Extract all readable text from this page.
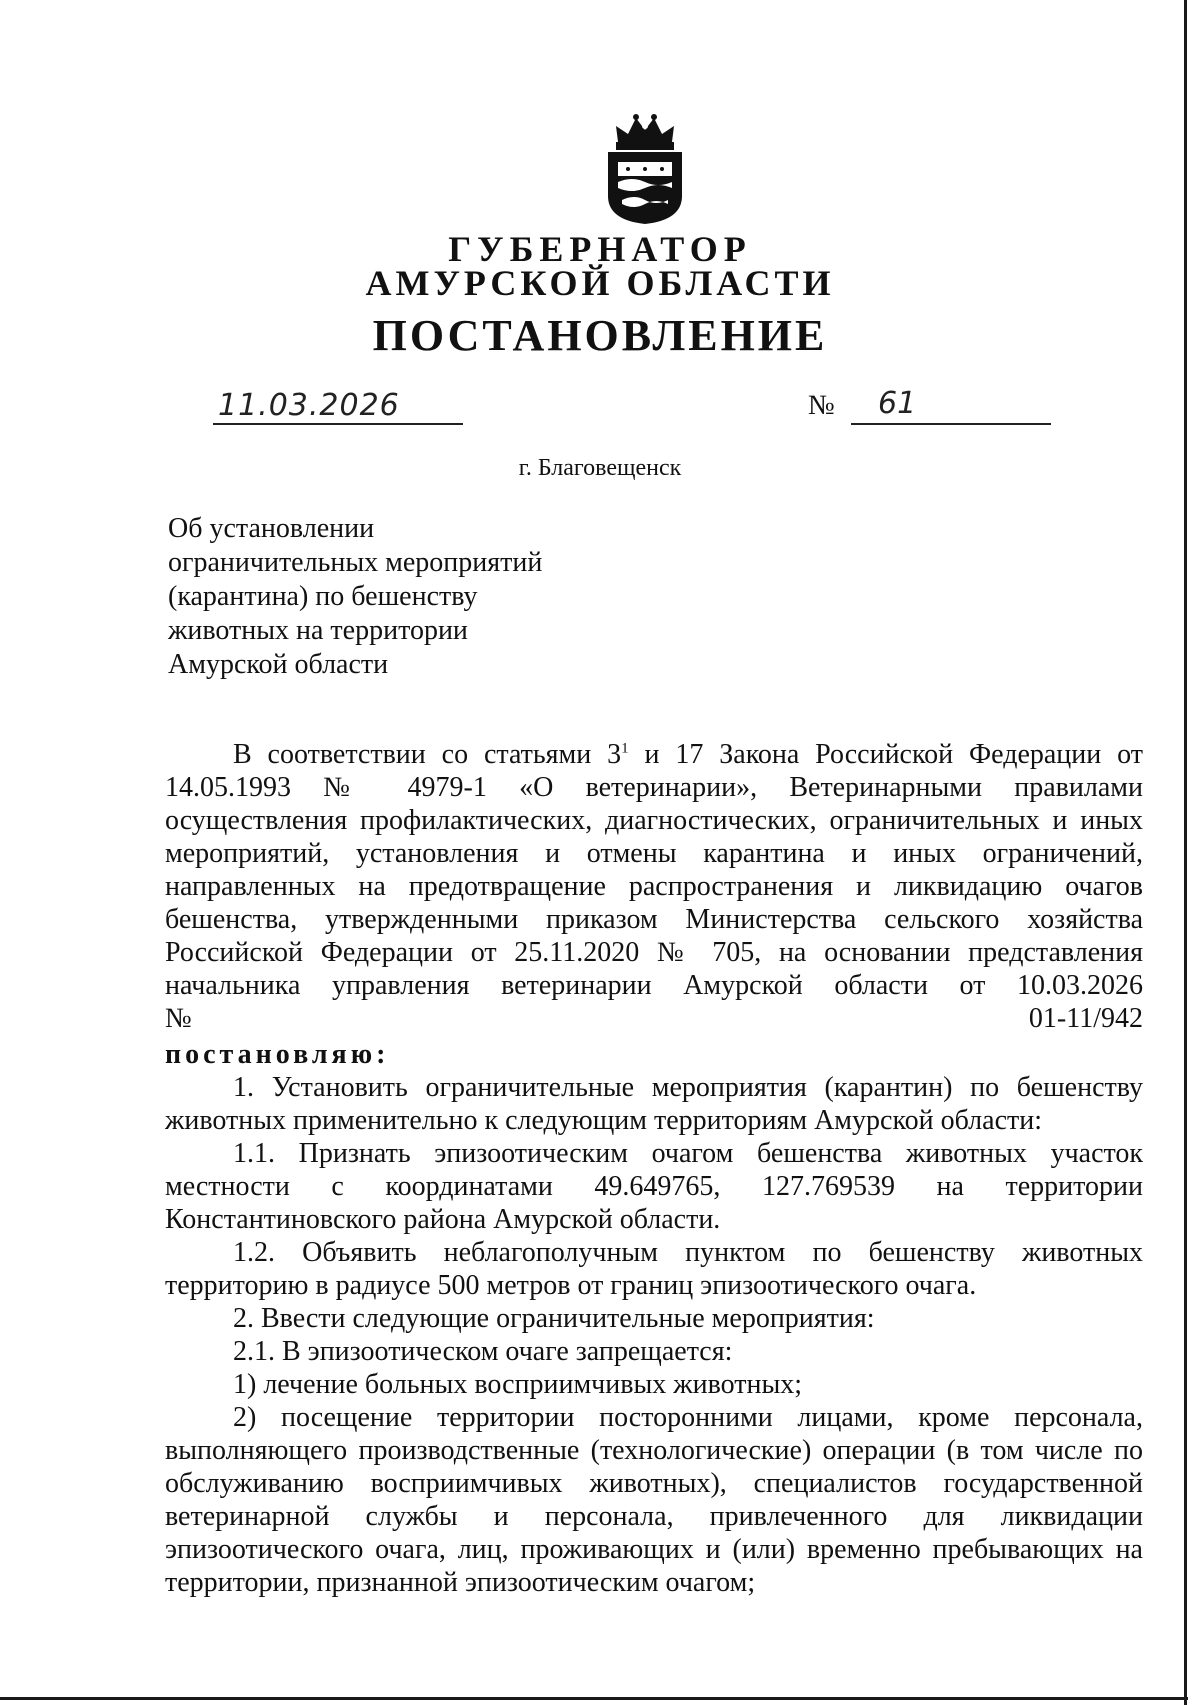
ГУБЕРНАТОР
АМУРСКОЙ ОБЛАСТИ
ПОСТАНОВЛЕНИЕ
11.03.2026	№ 61
г. Благовещенск
Об установлении
ограничительных мероприятий
(карантина) по бешенству
животных на территории
Амурской области

В соответствии со статьями $3^1$ и 17 Закона Российской Федерации от 14.05.1993 № 4979-1 «О ветеринарии», Ветеринарными правилами осуществления профилактических, диагностических, ограничительных и иных мероприятий, установления и отмены карантина и иных ограничений, направленных на предотвращение распространения и ликвидацию очагов бешенства, утвержденными приказом Министерства сельского хозяйства Российской Федерации от 25.11.2020 № 705, на основании представления начальника управления ветеринарии Амурской области от 10.03.2026

№ 01-11/942

постановляю:

1. Установить ограничительные мероприятия (карантин) по бешенству животных применительно к следующим территориям Амурской области:

1.1. Признать эпизоотическим очагом бешенства животных участок местности с координатами 49.649765, 127.769539 на территории Константиновского района Амурской области.

1.2. Объявить неблагополучным пунктом по бешенству животных территорию в радиусе 500 метров от границ эпизоотического очага.

2. Ввести следующие ограничительные мероприятия:

2.1. В эпизоотическом очаге запрещается:

1) лечение больных восприимчивых животных;

2) посещение территории посторонними лицами, кроме персонала, выполняющего производственные (технологические) операции (в том числе по обслуживанию восприимчивых животных), специалистов государственной ветеринарной службы и персонала, привлеченного для ликвидации эпизоотического очага, лиц, проживающих и (или) временно пребывающих на территории, признанной эпизоотическим очагом;
